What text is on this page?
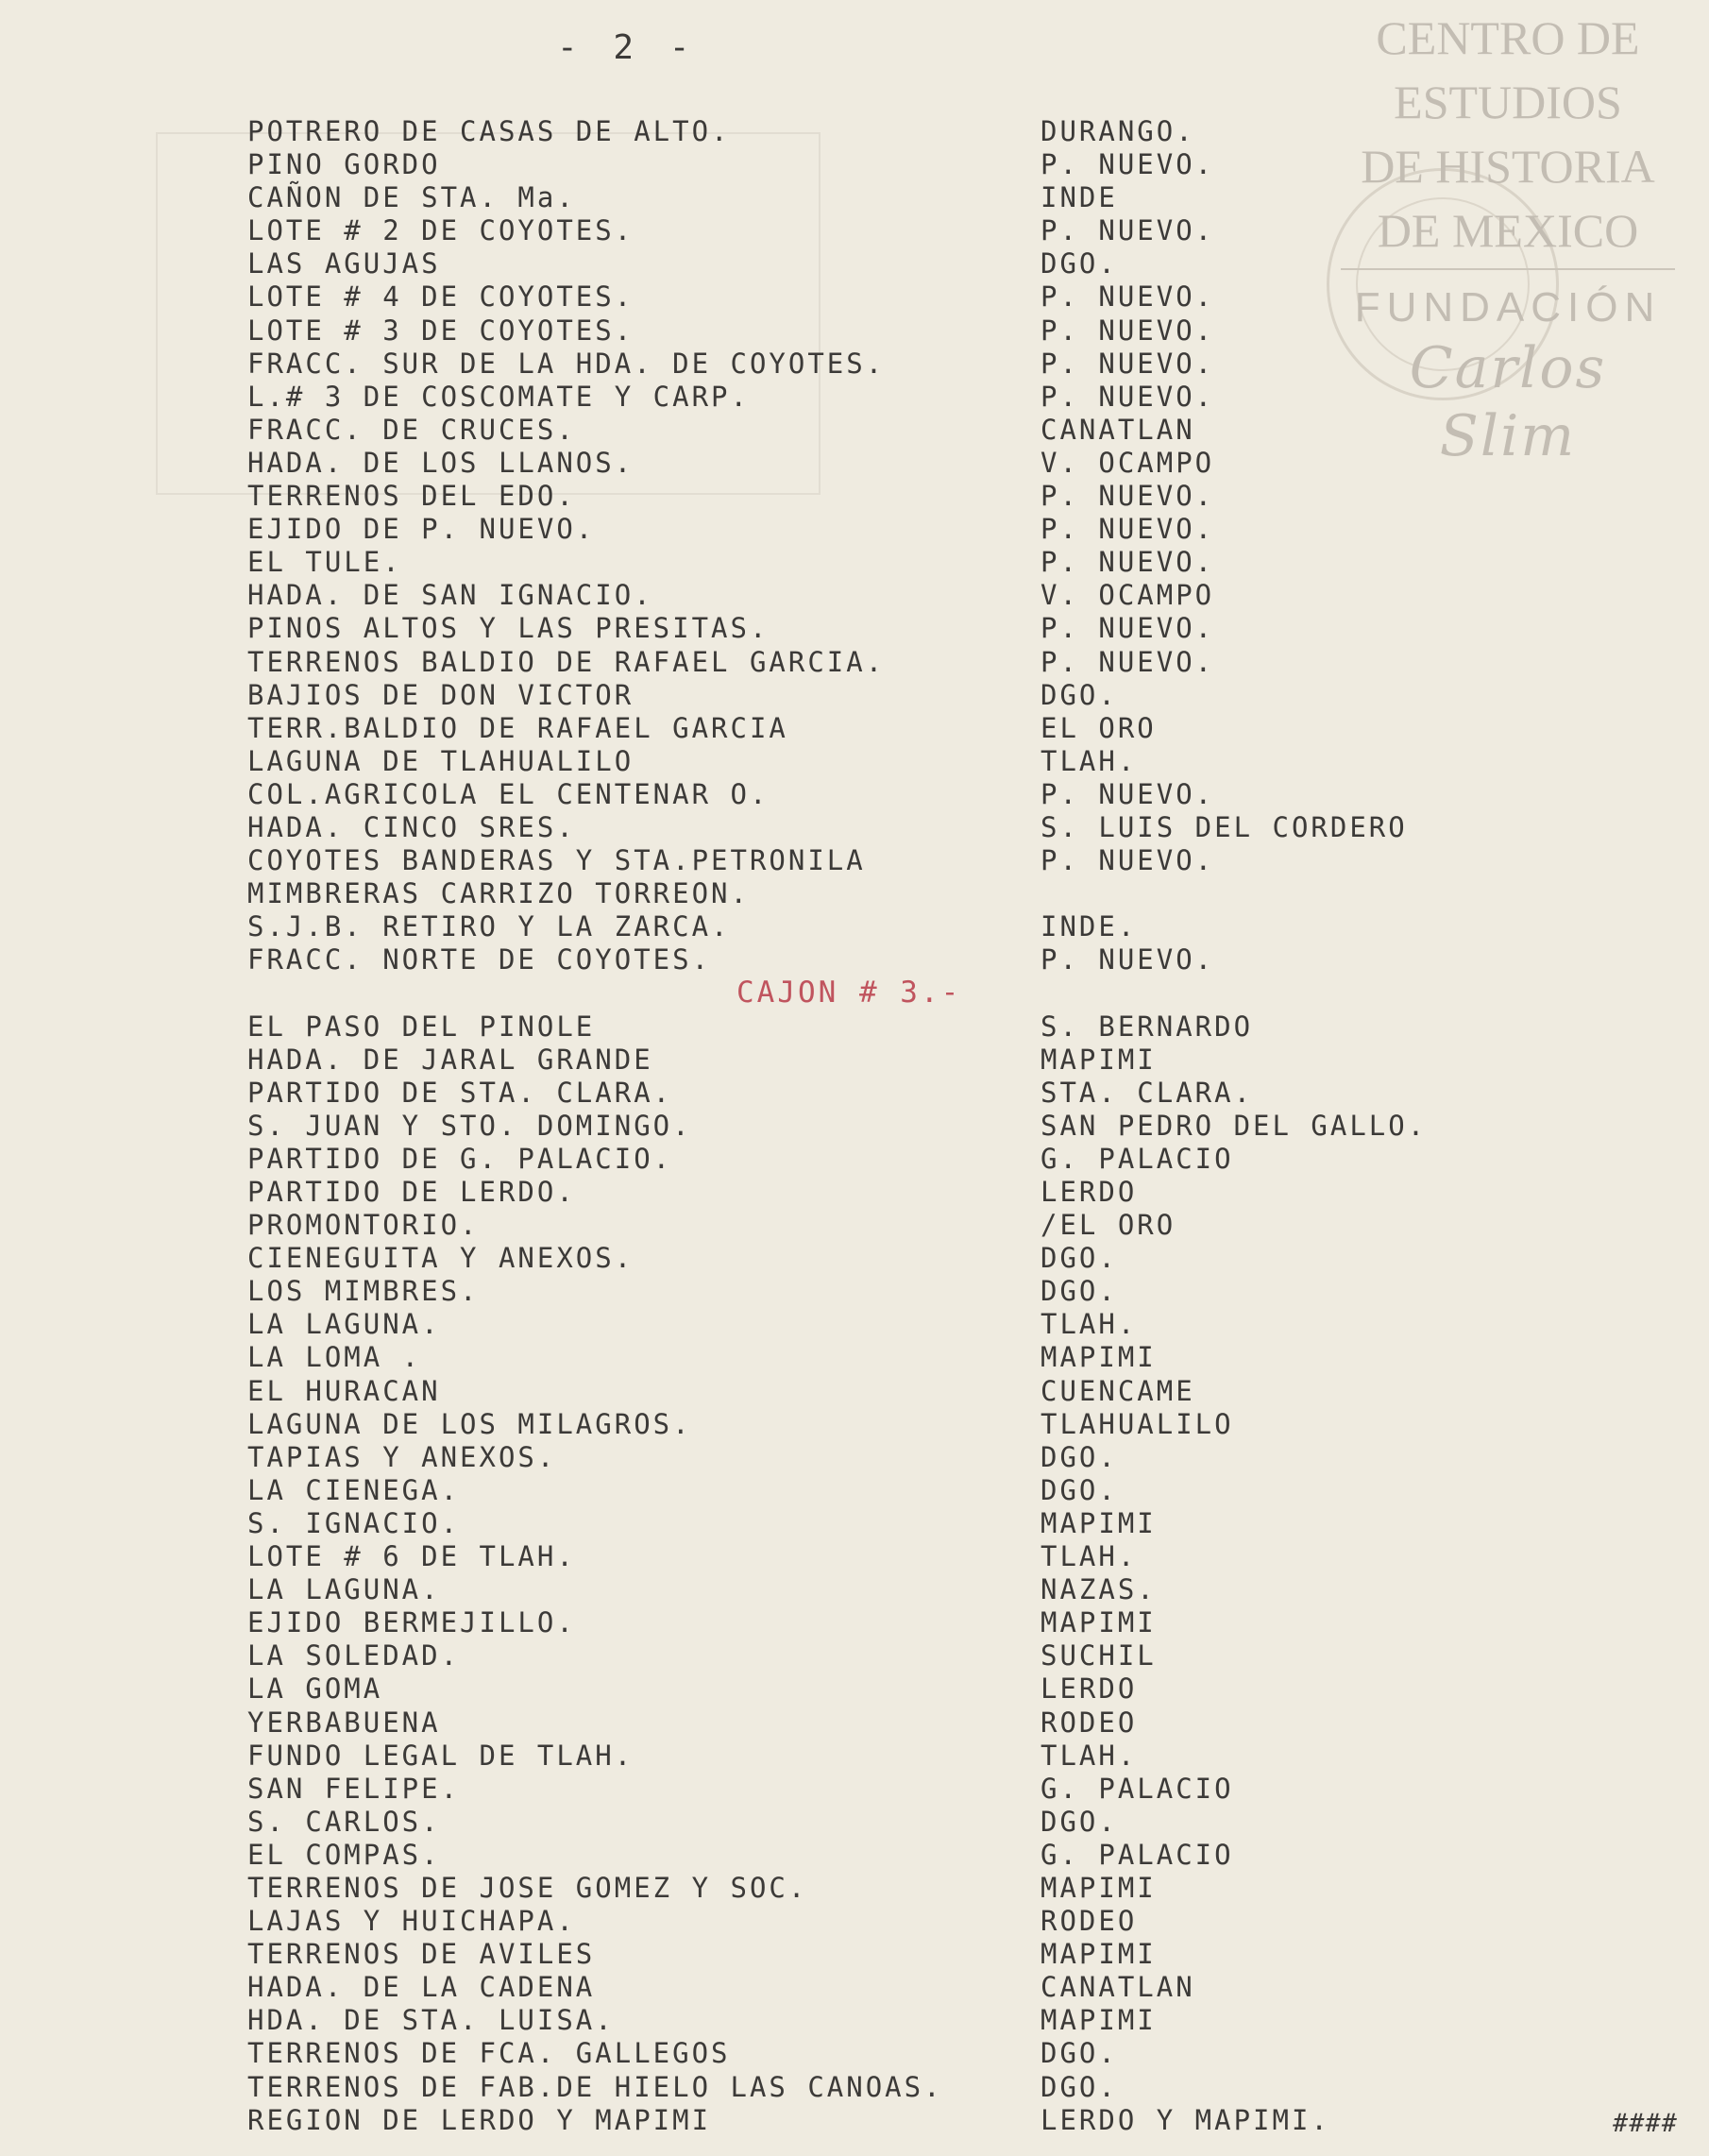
CENTRO DE
ESTUDIOS
DE HISTORIA
DE MEXICO
FUNDACIÓN
Carlos Slim
- 2 -
POTRERO DE CASAS DE ALTO.	DURANGO.
PINO GORDO	P. NUEVO.
CAÑON DE STA. Ma.	INDE
LOTE # 2 DE COYOTES.	P. NUEVO.
LAS AGUJAS	DGO.
LOTE # 4 DE COYOTES.	P. NUEVO.
LOTE # 3 DE COYOTES.	P. NUEVO.
FRACC. SUR DE LA HDA. DE COYOTES.	P. NUEVO.
L.# 3 DE COSCOMATE Y CARP.	P. NUEVO.
FRACC. DE CRUCES.	CANATLAN
HADA. DE LOS LLANOS.	V. OCAMPO
TERRENOS DEL EDO.	P. NUEVO.
EJIDO DE P. NUEVO.	P. NUEVO.
EL TULE.	P. NUEVO.
HADA. DE SAN IGNACIO.	V. OCAMPO
PINOS ALTOS Y LAS PRESITAS.	P. NUEVO.
TERRENOS BALDIO DE RAFAEL GARCIA.	P. NUEVO.
BAJIOS DE DON VICTOR	DGO.
TERR.BALDIO DE RAFAEL GARCIA	EL ORO
LAGUNA DE TLAHUALILO	TLAH.
COL.AGRICOLA EL CENTENAR O.	P. NUEVO.
HADA. CINCO SRES.	S. LUIS DEL CORDERO
COYOTES BANDERAS Y STA.PETRONILA	P. NUEVO.
MIMBRERAS CARRIZO TORREON.
S.J.B. RETIRO Y LA ZARCA.	INDE.
FRACC. NORTE DE COYOTES.	P. NUEVO.
CAJON # 3.-
EL PASO DEL PINOLE	S. BERNARDO
HADA. DE JARAL GRANDE	MAPIMI
PARTIDO DE STA. CLARA.	STA. CLARA.
S. JUAN Y STO. DOMINGO.	SAN PEDRO DEL GALLO.
PARTIDO DE G. PALACIO.	G. PALACIO
PARTIDO DE LERDO.	LERDO
PROMONTORIO.	/EL ORO
CIENEGUITA Y ANEXOS.	DGO.
LOS MIMBRES.	DGO.
LA LAGUNA.	TLAH.
LA LOMA .	MAPIMI
EL HURACAN	CUENCAME
LAGUNA DE LOS MILAGROS.	TLAHUALILO
TAPIAS Y ANEXOS.	DGO.
LA CIENEGA.	DGO.
S. IGNACIO.	MAPIMI
LOTE # 6 DE TLAH.	TLAH.
LA LAGUNA.	NAZAS.
EJIDO BERMEJILLO.	MAPIMI
LA SOLEDAD.	SUCHIL
LA GOMA	LERDO
YERBABUENA	RODEO
FUNDO LEGAL DE TLAH.	TLAH.
SAN FELIPE.	G. PALACIO
S. CARLOS.	DGO.
EL COMPAS.	G. PALACIO
TERRENOS DE JOSE GOMEZ Y SOC.	MAPIMI
LAJAS Y HUICHAPA.	RODEO
TERRENOS DE AVILES	MAPIMI
HADA. DE LA CADENA	CANATLAN
HDA. DE STA. LUISA.	MAPIMI
TERRENOS DE FCA. GALLEGOS	DGO.
TERRENOS DE FAB.DE HIELO LAS CANOAS.	DGO.
REGION DE LERDO Y MAPIMI	LERDO Y MAPIMI.	####
